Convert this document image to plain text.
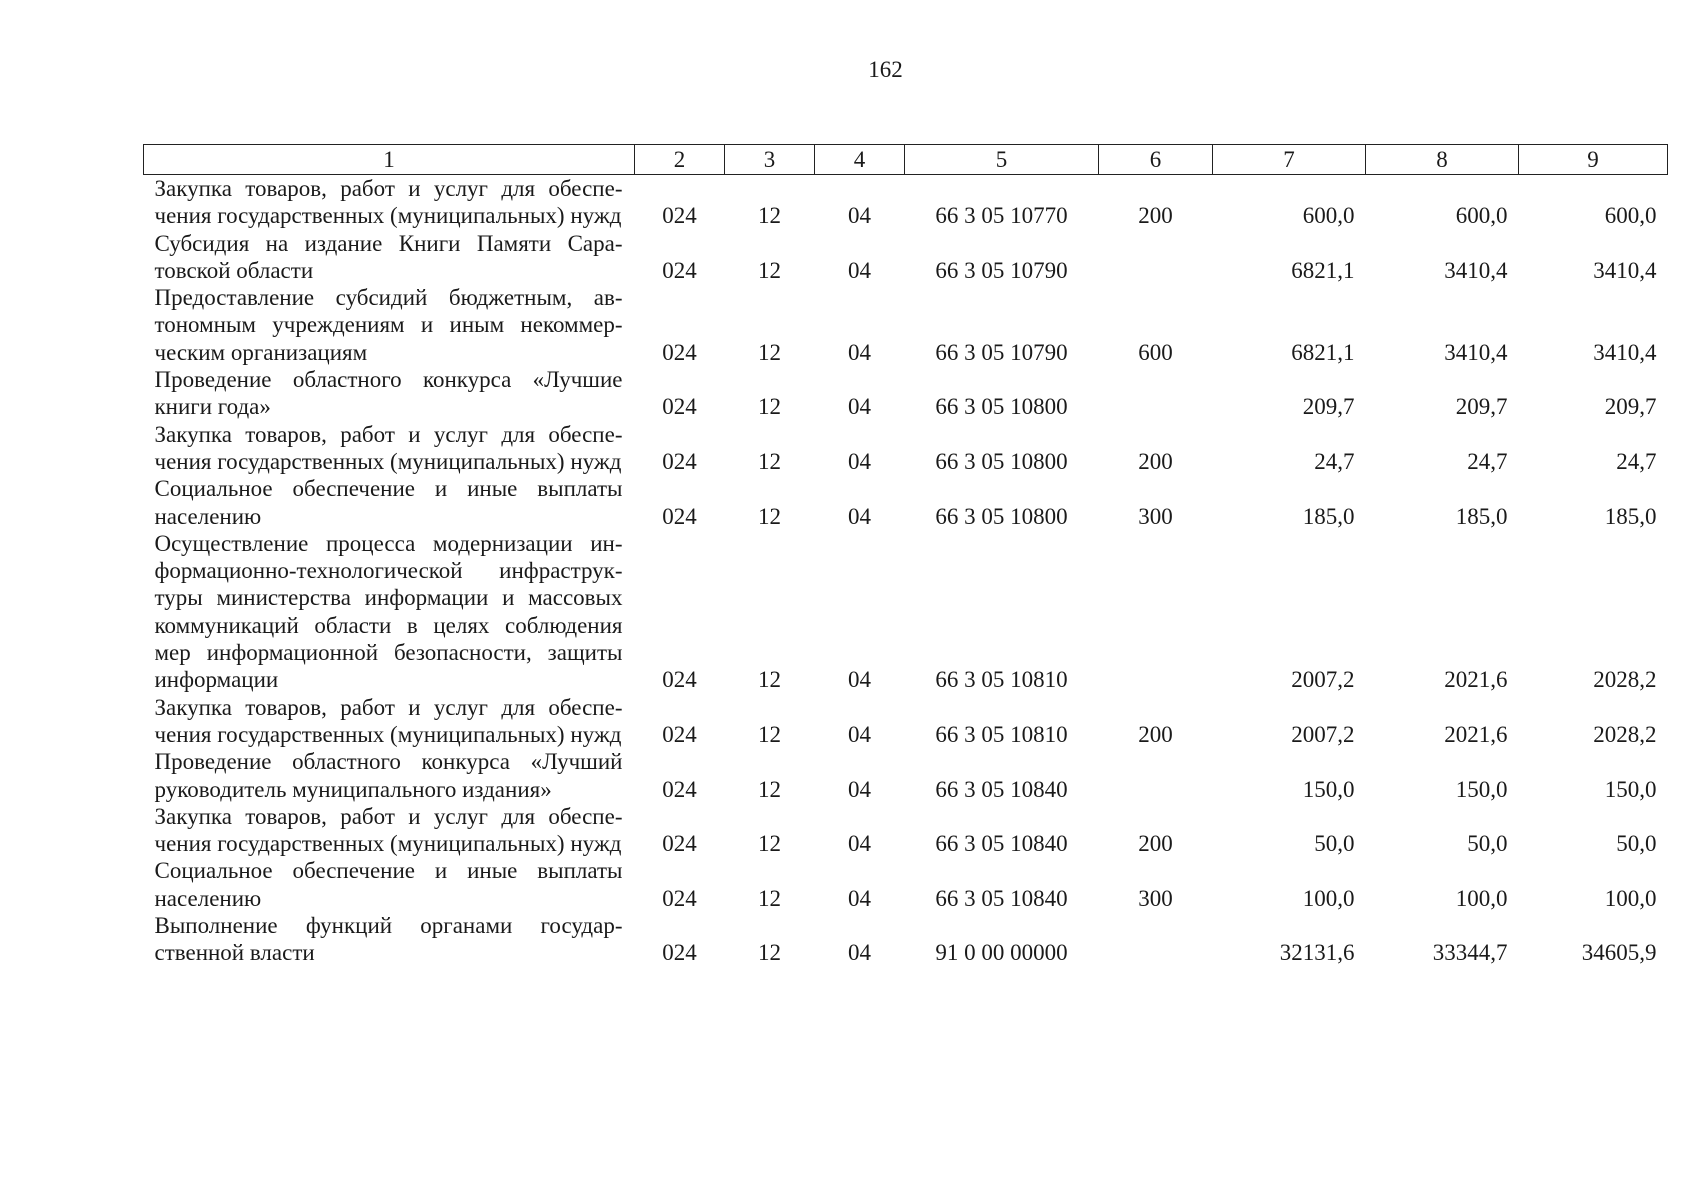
162
1	2	3	4	5	6	7	8	9
Закупка товаров, работ и услуг для обеспечения государственных (муниципальных) нужд	024	12	04	66 3 05 10770	200	600,0	600,0	600,0
Субсидия на издание Книги Памяти Саратовской области	024	12	04	66 3 05 10790		6821,1	3410,4	3410,4
Предоставление субсидий бюджетным, автономным учреждениям и иным некоммерческим организациям	024	12	04	66 3 05 10790	600	6821,1	3410,4	3410,4
Проведение областного конкурса «Лучшие книги года»	024	12	04	66 3 05 10800		209,7	209,7	209,7
Закупка товаров, работ и услуг для обеспечения государственных (муниципальных) нужд	024	12	04	66 3 05 10800	200	24,7	24,7	24,7
Социальное обеспечение и иные выплаты населению	024	12	04	66 3 05 10800	300	185,0	185,0	185,0
Осуществление процесса модернизации информационно-технологической инфраструктуры министерства информации и массовых коммуникаций области в целях соблюдения мер информационной безопасности, защиты информации	024	12	04	66 3 05 10810		2007,2	2021,6	2028,2
Закупка товаров, работ и услуг для обеспечения государственных (муниципальных) нужд	024	12	04	66 3 05 10810	200	2007,2	2021,6	2028,2
Проведение областного конкурса «Лучший руководитель муниципального издания»	024	12	04	66 3 05 10840		150,0	150,0	150,0
Закупка товаров, работ и услуг для обеспечения государственных (муниципальных) нужд	024	12	04	66 3 05 10840	200	50,0	50,0	50,0
Социальное обеспечение и иные выплаты населению	024	12	04	66 3 05 10840	300	100,0	100,0	100,0
Выполнение функций органами государственной власти	024	12	04	91 0 00 00000		32131,6	33344,7	34605,9
